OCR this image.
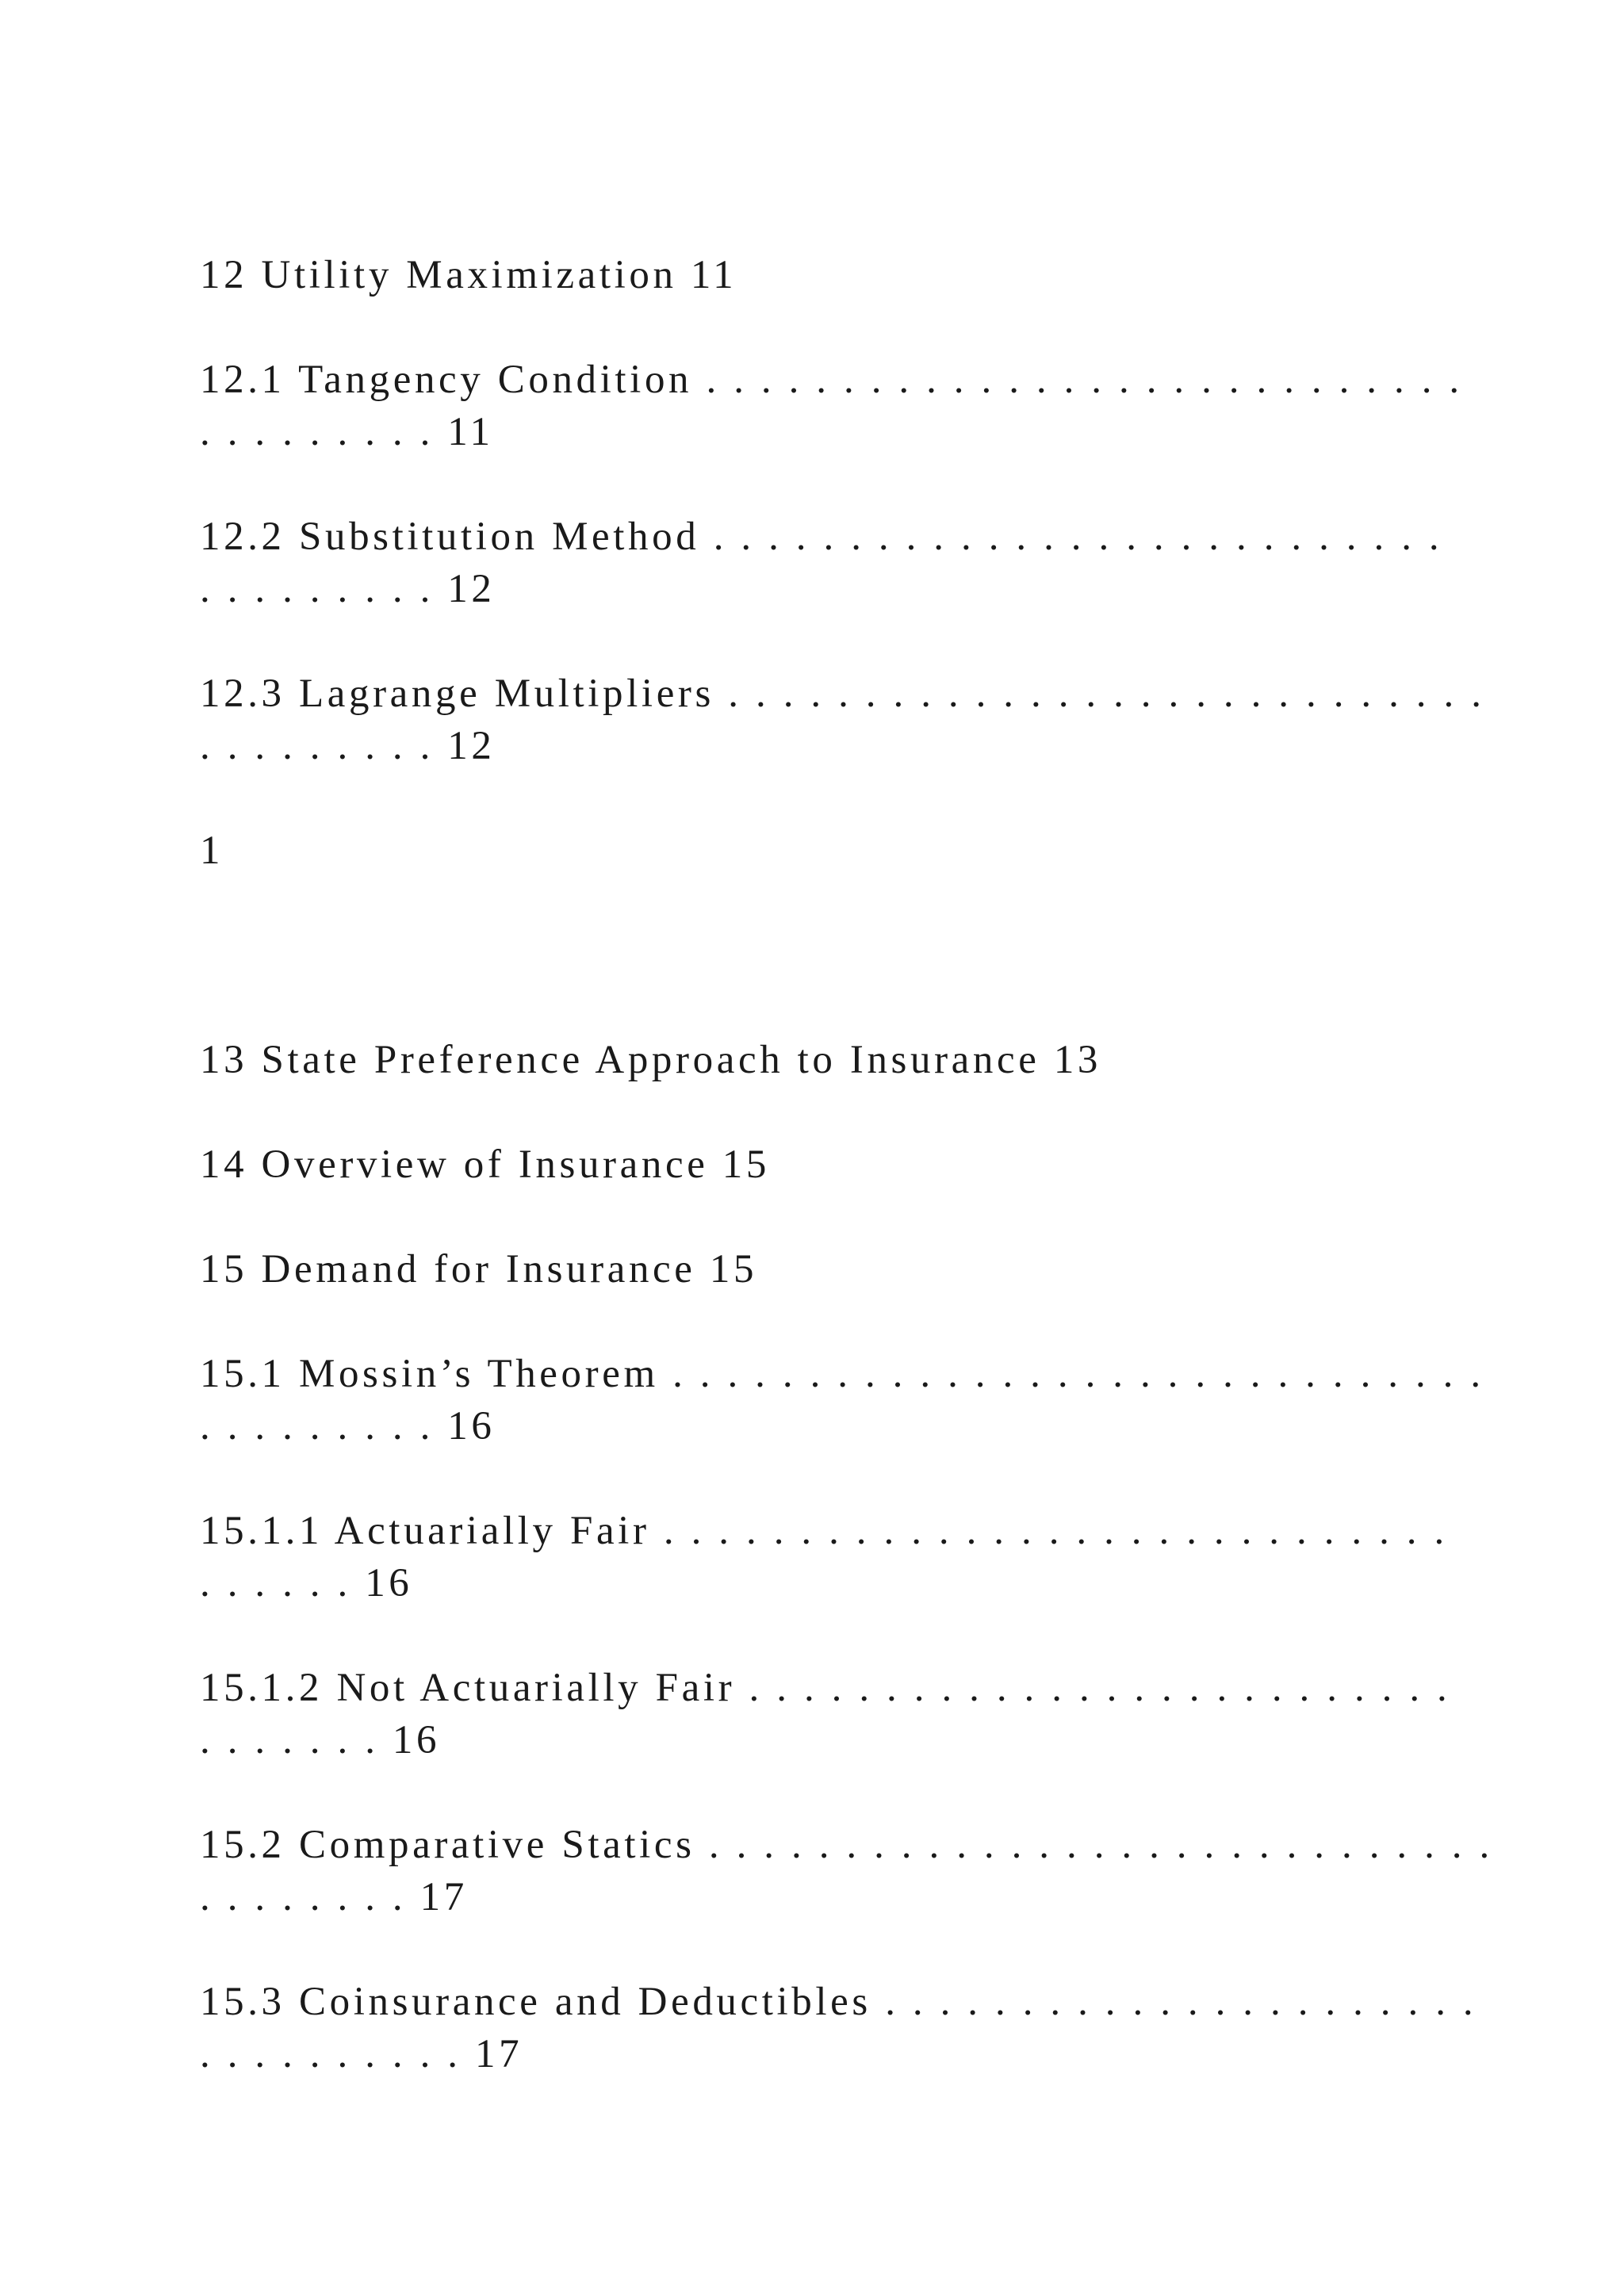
12 Utility Maximization 11

12.1 Tangency Condition . . . . . . . . . . . . . . . . . . . . . . . . . . . .

. . . . . . . . . 11

12.2 Substitution Method . . . . . . . . . . . . . . . . . . . . . . . . . . .

. . . . . . . . . 12

12.3 Lagrange Multipliers . . . . . . . . . . . . . . . . . . . . . . . . . . . .

. . . . . . . . . 12

1

13 State Preference Approach to Insurance 13

14 Overview of Insurance 15

15 Demand for Insurance 15

15.1 Mossin’s Theorem . . . . . . . . . . . . . . . . . . . . . . . . . . . . . .

. . . . . . . . . 16

15.1.1 Actuarially Fair . . . . . . . . . . . . . . . . . . . . . . . . . . . . .

. . . . . . 16

15.1.2 Not Actuarially Fair . . . . . . . . . . . . . . . . . . . . . . . . . .

. . . . . . . 16

15.2 Comparative Statics . . . . . . . . . . . . . . . . . . . . . . . . . . . . .

. . . . . . . . 17

15.3 Coinsurance and Deductibles . . . . . . . . . . . . . . . . . . . . . .

. . . . . . . . . . 17
